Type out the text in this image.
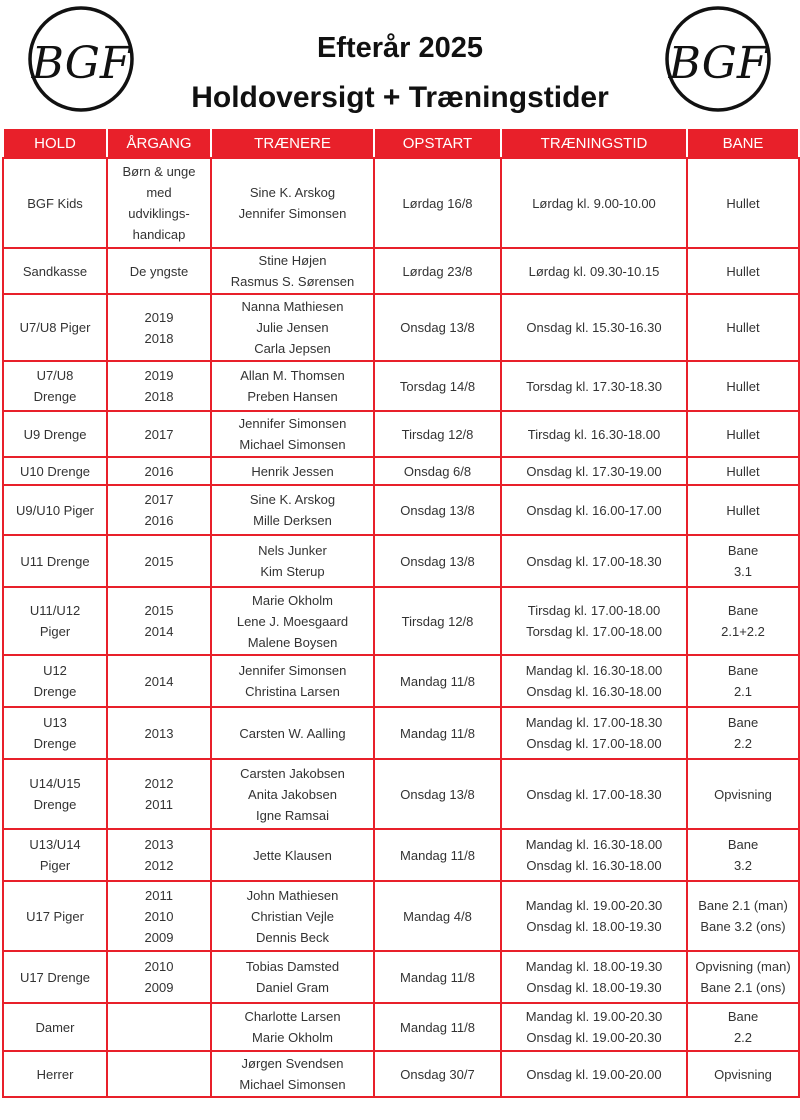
BGF	Efterår 2025
Holdoversigt + Træningstider
BGF
HOLD	ÅRGANG	TRÆNERE	OPSTART	TRÆNINGSTID	BANE

BGF Kids	Børn & unge
med
udviklings-
handicap	Sine K. Arskog
Jennifer Simonsen	Lørdag 16/8	Lørdag kl. 9.00-10.00	Hullet

Sandkasse	De yngste	Stine Højen
Rasmus S. Sørensen	Lørdag 23/8	Lørdag kl. 09.30-10.15	Hullet

U7/U8 Piger	2019
2018	Nanna Mathiesen
Julie Jensen
Carla Jepsen	Onsdag 13/8	Onsdag kl. 15.30-16.30	Hullet

U7/U8
Drenge	2019
2018	Allan M. Thomsen
Preben Hansen	Torsdag 14/8	Torsdag kl. 17.30-18.30	Hullet

U9 Drenge	2017	Jennifer Simonsen
Michael Simonsen	Tirsdag 12/8	Tirsdag kl. 16.30-18.00	Hullet

U10 Drenge	2016	Henrik Jessen	Onsdag 6/8	Onsdag kl. 17.30-19.00	Hullet

U9/U10 Piger	2017
2016	Sine K. Arskog
Mille Derksen	Onsdag 13/8	Onsdag kl. 16.00-17.00	Hullet

U11 Drenge	2015	Nels Junker
Kim Sterup	Onsdag 13/8	Onsdag kl. 17.00-18.30	Bane
3.1

U11/U12
Piger	2015
2014	Marie Okholm
Lene J. Moesgaard
Malene Boysen	Tirsdag 12/8	Tirsdag kl. 17.00-18.00
Torsdag kl. 17.00-18.00	Bane
2.1+2.2

U12
Drenge	2014	Jennifer Simonsen
Christina Larsen	Mandag 11/8	Mandag kl. 16.30-18.00
Onsdag kl. 16.30-18.00	Bane
2.1

U13
Drenge	2013	Carsten W. Aalling	Mandag 11/8	Mandag kl. 17.00-18.30
Onsdag kl. 17.00-18.00	Bane
2.2

U14/U15
Drenge	2012
2011	Carsten Jakobsen
Anita Jakobsen
Igne Ramsai	Onsdag 13/8	Onsdag kl. 17.00-18.30	Opvisning

U13/U14
Piger	2013
2012	Jette Klausen	Mandag 11/8	Mandag kl. 16.30-18.00
Onsdag kl. 16.30-18.00	Bane
3.2

U17 Piger	2011
2010
2009	John Mathiesen
Christian Vejle
Dennis Beck	Mandag 4/8	Mandag kl. 19.00-20.30
Onsdag kl. 18.00-19.30	Bane 2.1 (man)
Bane 3.2 (ons)

U17 Drenge	2010
2009	Tobias Damsted
Daniel Gram	Mandag 11/8	Mandag kl. 18.00-19.30
Onsdag kl. 18.00-19.30	Opvisning (man)
Bane 2.1 (ons)

Damer		Charlotte Larsen
Marie Okholm	Mandag 11/8	Mandag kl. 19.00-20.30
Onsdag kl. 19.00-20.30	Bane
2.2

Herrer		Jørgen Svendsen
Michael Simonsen	Onsdag 30/7	Onsdag kl. 19.00-20.00	Opvisning
